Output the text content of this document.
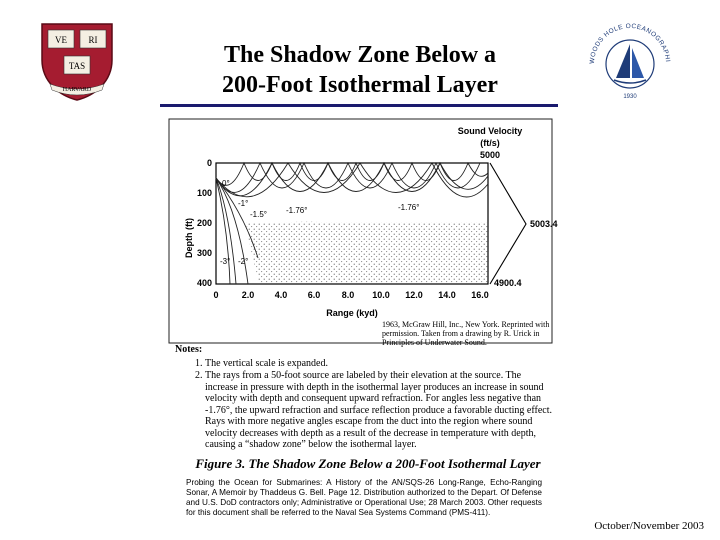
VE RI
TAS
HARVARD
The Shadow Zone Below a
200-Foot Isothermal Layer
WOODS HOLE OCEANOGRAPHI
1930
Depth (ft)
0
100
200
300
400
0	2.0 4.0 6.0 8.0 10.0 12.0 14.0 16.0
Range (kyd)
Sound Velocity
(ft/s)
5000
5003.4
4900.4
-1°
-1.5° -1.76°	-1.76°
-3° -2°
0°
1963, McGraw Hill, Inc., New York. Reprinted with permission. Taken from a drawing by R. Urick in Principles of Underwater Sound.
Notes:
1. The vertical scale is expanded.
2. The rays from a 50-foot source are labeled by their elevation at the source. The increase in pressure with depth in the isothermal layer produces an increase in sound velocity with depth and consequent upward refraction. For angles less negative than -1.76°, the upward refraction and surface reflection produce a favorable ducting effect. Rays with more negative angles escape from the duct into the region where sound velocity decreases with depth as a result of the decrease in temperature with depth, causing a “shadow zone” below the isothermal layer.
Figure 3. The Shadow Zone Below a 200-Foot Isothermal Layer
Probing the Ocean for Submarines: A History of the AN/SQS-26 Long-Range, Echo-Ranging Sonar, A Memoir by Thaddeus G. Bell. Page 12. Distribution authorized to the Depart. Of Defense and U.S. DoD contractors only; Administrative or Operational Use; 28 March 2003. Other requests for this document shall be referred to the Naval Sea Systems Command (PMS-411).
October/November 2003
